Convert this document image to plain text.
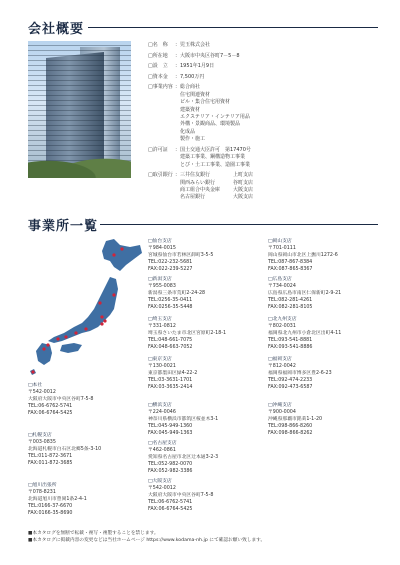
会社概要
□名　称	：児玉株式会社
□所在地	：大阪市中央区谷町7－5－8
□設　立	：1951年1月9日
□資本金	：7,500万円
□事業内容 ：総合商社
　住宅関連資材
　ビル・集合住宅用資材
　建築資材
　エクステリア・インテリア用品
　外構・景観商品、環境製品
　化成品
　製作・施工
□許可証	：国土交通大臣許可　第17470号
　建築工事業、鋼構造物工事業
　とび・土工工事業、造園工事業
□取引銀行 ：三井住友銀行	上町支店
　関西みらい銀行	谷町支店
　商工組合中央金庫	大阪支店
　名古屋銀行	大阪支店
事業所一覧
□本社
〒542-0012
大阪府大阪市中央区谷町7-5-8
TEL:06-6762-5741
FAX:06-6764-5425
□札幌支店
〒003-0835
北海道札幌市白石区北郷5条-3-10
TEL:011-872-3671
FAX:011-872-3685
□旭川出張所
〒078-8231
北海道旭川市豊岡1条2-4-1
TEL:0166-37-6670
FAX:0166-35-8690
□仙台支店
〒984-0015
宮城県仙台市若林区卸町3-5-5
TEL:022-232-5681
FAX:022-239-5227
□新潟支店
〒955-0083
新潟県三条市荒町2-24-28
TEL:0256-35-0411
FAX:0256-35-5448
□埼玉支店
〒331-0812
埼玉県さいたま市北区宮原町2-18-1
TEL:048-661-7075
FAX:048-663-7052
□東京支店
〒130-0021
東京都墨田区緑4-22-2
TEL:03-3631-1701
FAX:03-3635-2414
□横浜支店
〒224-0046
神奈川県横浜市都筑区桜並木3-1
TEL:045-949-1360
FAX:045-949-1363
□名古屋支店
〒462-0861
愛知県名古屋市北区辻本通3-2-3
TEL:052-982-0070
FAX:052-982-3386
□大阪支店
〒542-0012
大阪府大阪市中央区谷町7-5-8
TEL:06-6762-5741
FAX:06-6764-5425
□岡山支店
〒701-0111
岡山県岡山市北区上撫川1272-6
TEL:087-867-8384
FAX:087-865-8367
□広島支店
〒734-0024
広島県広島市南区仁保新町2-9-21
TEL:082-281-4261
FAX:082-281-8105
□北九州支店
〒802-0031
福岡県北九州市小倉北区出町4-11
TEL:093-541-8881
FAX:093-541-8886
□福岡支店
〒812-0042
福岡県福岡市博多区豊2-6-23
TEL:092-474-2233
FAX:092-473-6587
□沖縄支店
〒900-0004
沖縄県那覇市銘苅1-1-20
TEL:098-866-8260
FAX:098-866-8262
■本カタログを無断で転載・複写・複製することを禁じます。
■本カタログに掲載内容の変更などは当社ホームページ https://www.kodama-nh.jp にて確認お願い致します。
